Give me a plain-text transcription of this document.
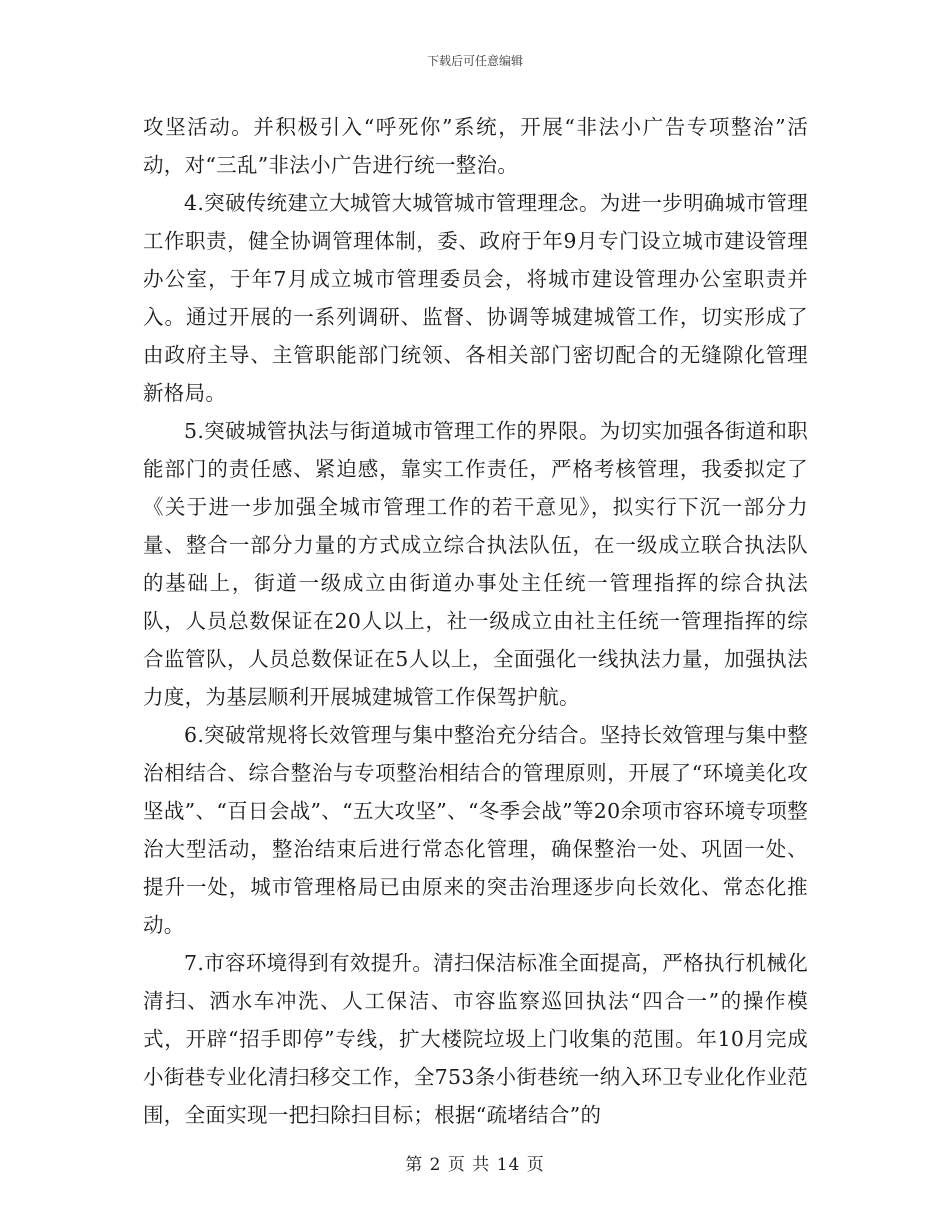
下载后可任意编辑

攻坚活动。并积极引入“呼死你”系统，开展“非法小广告专项整治”活动，对“三乱”非法小广告进行统一整治。

4.突破传统建立大城管大城管城市管理理念。为进一步明确城市管理工作职责，健全协调管理体制，委、政府于年9月专门设立城市建设管理办公室，于年7月成立城市管理委员会，将城市建设管理办公室职责并入。通过开展的一系列调研、监督、协调等城建城管工作，切实形成了由政府主导、主管职能部门统领、各相关部门密切配合的无缝隙化管理新格局。

5.突破城管执法与街道城市管理工作的界限。为切实加强各街道和职能部门的责任感、紧迫感，靠实工作责任，严格考核管理，我委拟定了《关于进一步加强全城市管理工作的若干意见》，拟实行下沉一部分力量、整合一部分力量的方式成立综合执法队伍，在一级成立联合执法队的基础上，街道一级成立由街道办事处主任统一管理指挥的综合执法队，人员总数保证在20人以上，社一级成立由社主任统一管理指挥的综合监管队，人员总数保证在5人以上，全面强化一线执法力量，加强执法力度，为基层顺利开展城建城管工作保驾护航。

6.突破常规将长效管理与集中整治充分结合。坚持长效管理与集中整治相结合、综合整治与专项整治相结合的管理原则，开展了“环境美化攻坚战”、“百日会战”、“五大攻坚”、“冬季会战”等20余项市容环境专项整治大型活动，整治结束后进行常态化管理，确保整治一处、巩固一处、提升一处，城市管理格局已由原来的突击治理逐步向长效化、常态化推动。

7.市容环境得到有效提升。清扫保洁标准全面提高，严格执行机械化清扫、洒水车冲洗、人工保洁、市容监察巡回执法“四合一”的操作模式，开辟“招手即停”专线，扩大楼院垃圾上门收集的范围。年10月完成小街巷专业化清扫移交工作，全753条小街巷统一纳入环卫专业化作业范围，全面实现一把扫除扫目标；根据“疏堵结合”的

第 2 页 共 14 页
